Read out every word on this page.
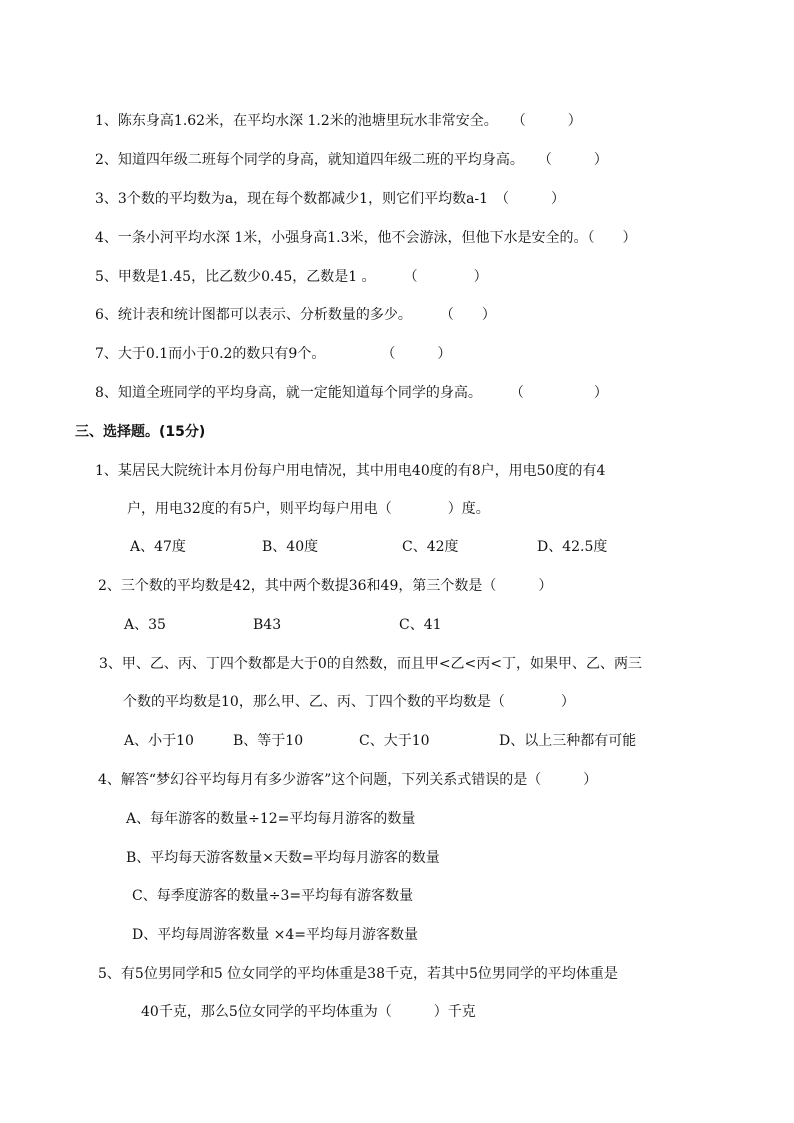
1、陈东身高1.62米，在平均水深 1.2米的池塘里玩水非常安全。　　（　　　）
2、知道四年级二班每个同学的身高，就知道四年级二班的平均身高。　　（　　　）
3、3个数的平均数为a，现在每个数都减少1，则它们平均数a-1　（　　　）
4、一条小河平均水深 1米，小强身高1.3米，他不会游泳，但他下水是安全的。（　　）
5、甲数是1.45，比乙数少0.45，乙数是1 。　　　（　　　　）
6、统计表和统计图都可以表示、分析数量的多少。　　　（　　）
7、大于0.1而小于0.2的数只有9个。　　　　　（　　　）
8、知道全班同学的平均身高，就一定能知道每个同学的身高。　　　（　　　　　）
三、选择题。(15分)
1、某居民大院统计本月份每户用电情况，其中用电40度的有8户，用电50度的有4
户，用电32度的有5户，则平均每户用电（　　　　）度。
A、47度	B、40度	C、42度	D、42.5度
2、三个数的平均数是42，其中两个数提36和49，第三个数是（　　　）
A、35	B43	C、41
3、甲、乙、丙、丁四个数都是大于0的自然数，而且甲<乙<丙<丁，如果甲、乙、两三
个数的平均数是10，那么甲、乙、丙、丁四个数的平均数是（　　　　）
A、小于10	B、等于10	C、大于10	D、以上三种都有可能
4、解答“梦幻谷平均每月有多少游客”这个问题，下列关系式错误的是（　　　）
A、每年游客的数量÷12=平均每月游客的数量
B、平均每天游客数量×天数=平均每月游客的数量
C、每季度游客的数量÷3=平均每有游客数量
D、平均每周游客数量 ×4=平均每月游客数量
5、有5位男同学和5 位女同学的平均体重是38千克，若其中5位男同学的平均体重是
40千克，那么5位女同学的平均体重为（　　　）千克
